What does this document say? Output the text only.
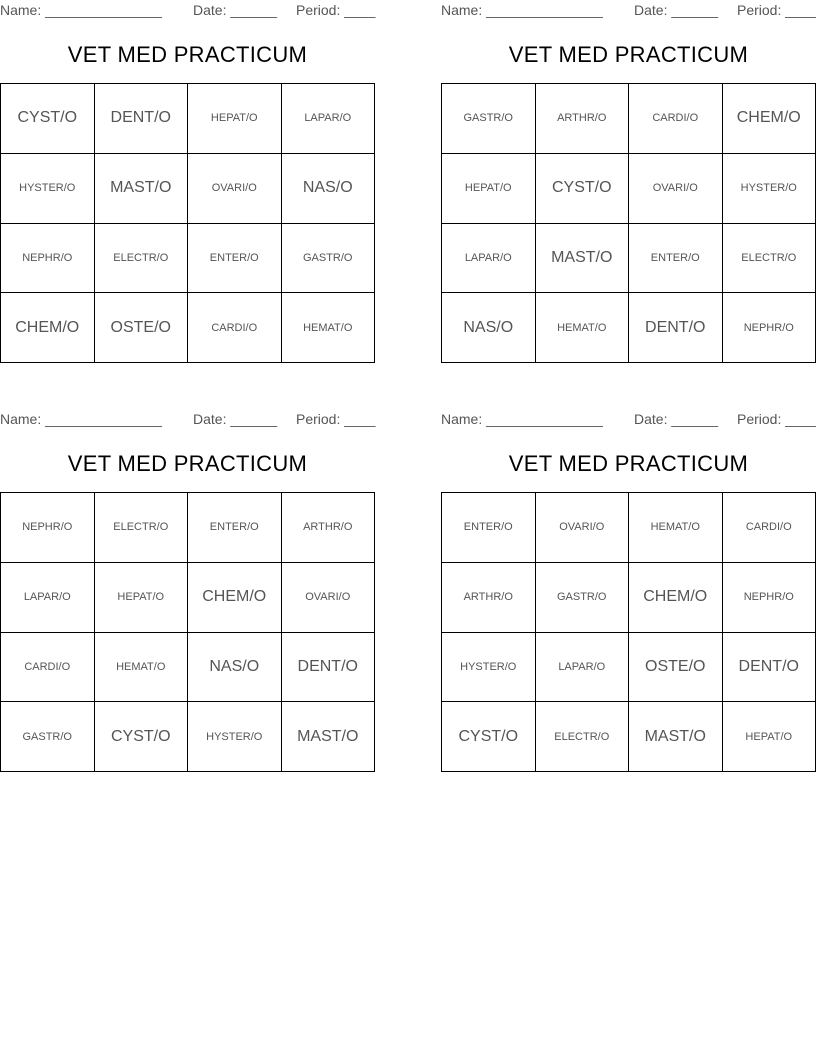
Name: _______________ Date: ______ Period: ____
VET MED PRACTICUM
CYST/O	DENT/O	HEPAT/O	LAPAR/O
HYSTER/O	MAST/O	OVARI/O	NAS/O
NEPHR/O	ELECTR/O	ENTER/O	GASTR/O
CHEM/O	OSTE/O	CARDI/O	HEMAT/O
Name: _______________ Date: ______ Period: ____
VET MED PRACTICUM
GASTR/O	ARTHR/O	CARDI/O	CHEM/O
HEPAT/O	CYST/O	OVARI/O	HYSTER/O
LAPAR/O	MAST/O	ENTER/O	ELECTR/O
NAS/O	HEMAT/O	DENT/O	NEPHR/O
Name: _______________ Date: ______ Period: ____
VET MED PRACTICUM
NEPHR/O	ELECTR/O	ENTER/O	ARTHR/O
LAPAR/O	HEPAT/O	CHEM/O	OVARI/O
CARDI/O	HEMAT/O	NAS/O	DENT/O
GASTR/O	CYST/O	HYSTER/O	MAST/O
Name: _______________ Date: ______ Period: ____
VET MED PRACTICUM
ENTER/O	OVARI/O	HEMAT/O	CARDI/O
ARTHR/O	GASTR/O	CHEM/O	NEPHR/O
HYSTER/O	LAPAR/O	OSTE/O	DENT/O
CYST/O	ELECTR/O	MAST/O	HEPAT/O
